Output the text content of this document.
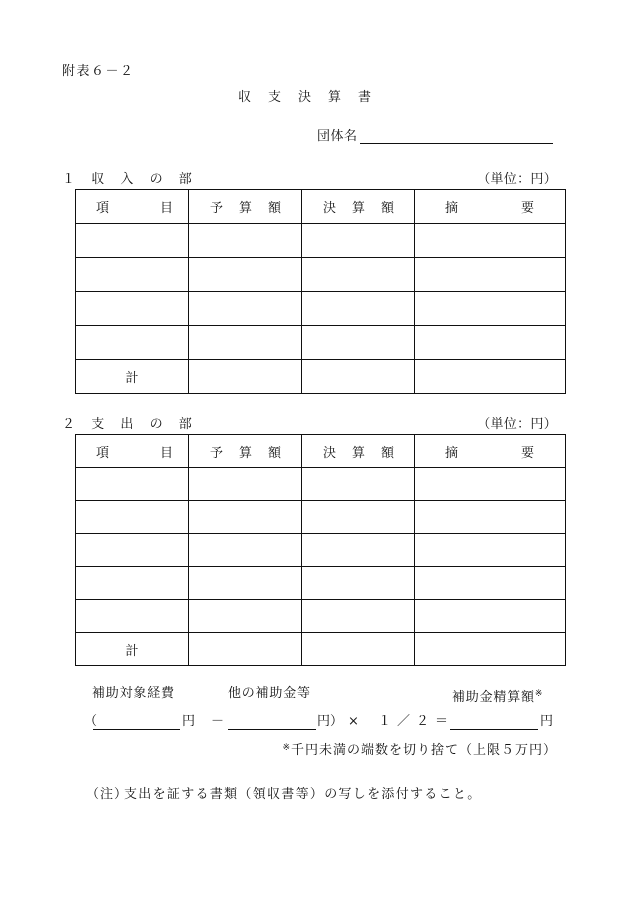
附表６－２
収　支　決　算　書
団体名
１　収　入　の　部	（単位：円）
項　　　目	予　算　額	決　算　額	摘　　　要

計			
２　支　出　の　部	（単位：円）
項　　　目	予　算　額	決　算　額	摘　　　要

計			
補助対象経費	他の補助金等	補助金精算額※
（	円 －	円） × １／２ ＝	円
※千円未満の端数を切り捨て（上限５万円）
（注）
支出を証する書類（領収書等）の写しを添付すること。
